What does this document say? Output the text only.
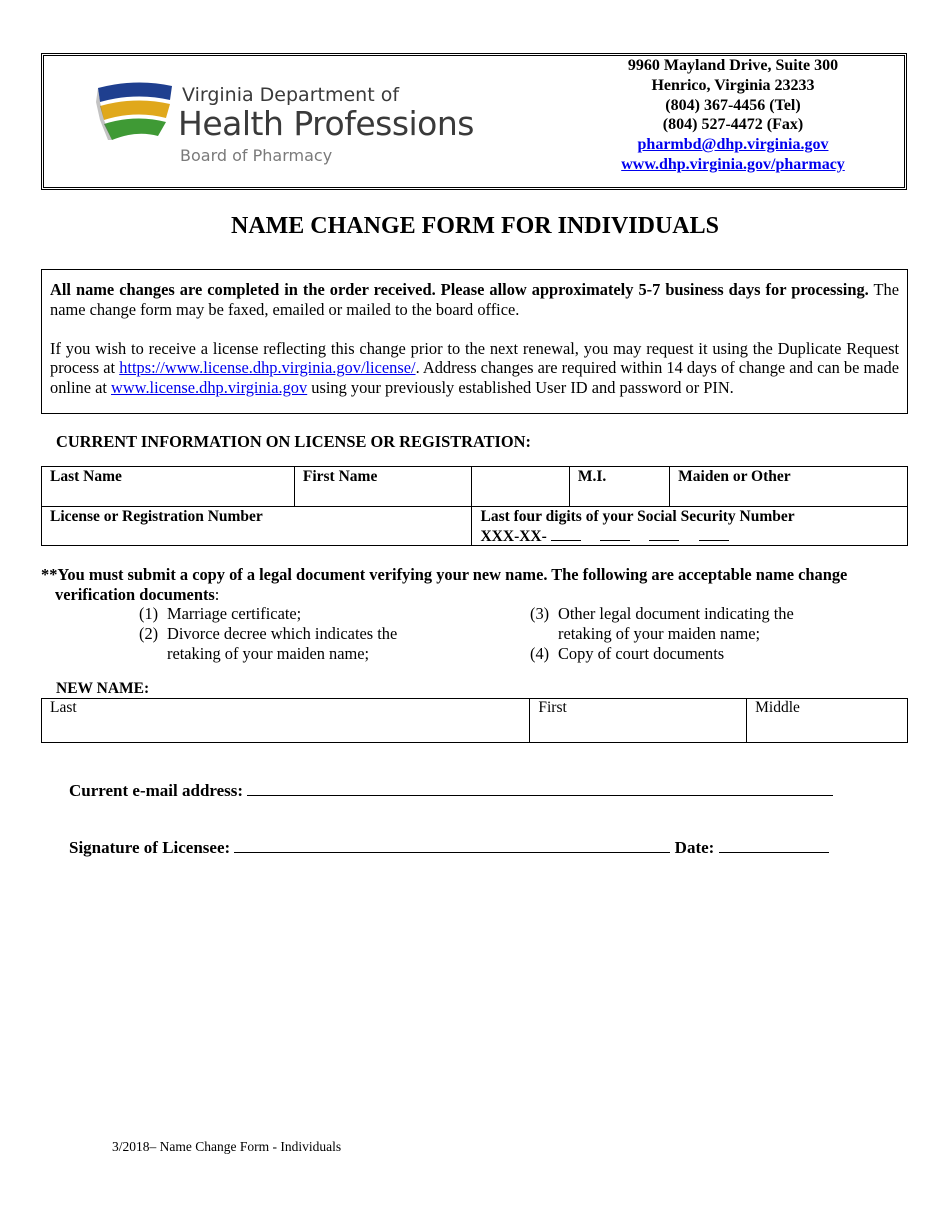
Virginia Department of
Health Professions
Board of Pharmacy
9960 Mayland Drive, Suite 300
Henrico, Virginia 23233
(804) 367-4456 (Tel)
(804) 527-4472 (Fax)
pharmbd@dhp.virginia.gov
www.dhp.virginia.gov/pharmacy
NAME CHANGE FORM FOR INDIVIDUALS

All name changes are completed in the order received. Please allow approximately 5-7 business days for processing. The name change form may be faxed, emailed or mailed to the board office.

If you wish to receive a license reflecting this change prior to the next renewal, you may request it using the Duplicate Request process at https://www.license.dhp.virginia.gov/license/. Address changes are required within 14 days of change and can be made online at www.license.dhp.virginia.gov using your previously established User ID and password or PIN.

CURRENT INFORMATION ON LICENSE OR REGISTRATION:
Last Name	First Name		M.I.	Maiden or Other
License or Registration Number		Last four digits of your Social Security Number
XXX-XX-		
**You must submit a copy of a legal document verifying your new name. The following are acceptable name change verification documents:
(1) Marriage certificate;
(2) Divorce decree which indicates the
retaking of your maiden name;
(3) Other legal document indicating the
retaking of your maiden name;
(4) Copy of court documents
NEW NAME:
Last	First	Middle
Current e-mail address:
Signature of Licensee:	Date:
3/2018– Name Change Form - Individuals
